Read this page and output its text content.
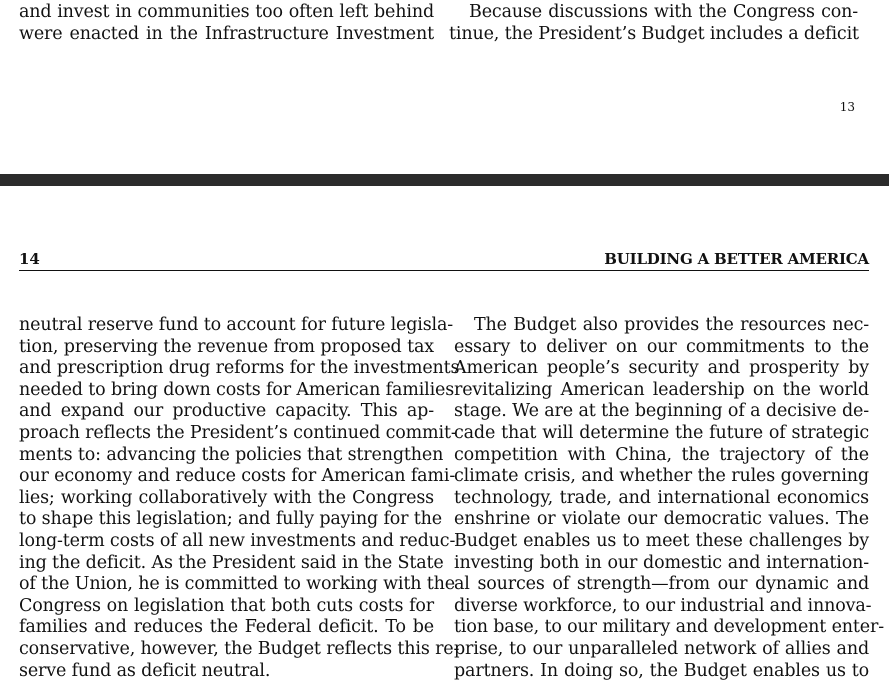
and invest in communities too often left behind
were enacted in the Infrastructure Investment
Because discussions with the Congress con-
tinue, the President’s Budget includes a deficit
13
14	BUILDING A BETTER AMERICA
neutral reserve fund to account for future legisla-
tion, preserving the revenue from proposed tax
and prescription drug reforms for the investments
needed to bring down costs for American families
and expand our productive capacity. This ap-
proach reflects the President’s continued commit-
ments to: advancing the policies that strengthen
our economy and reduce costs for American fami-
lies; working collaboratively with the Congress
to shape this legislation; and fully paying for the
long-term costs of all new investments and reduc-
ing the deficit. As the President said in the State
of the Union, he is committed to working with the
Congress on legislation that both cuts costs for
families and reduces the Federal deficit. To be
conservative, however, the Budget reflects this re-
serve fund as deficit neutral.
The Budget also provides the resources nec-
essary to deliver on our commitments to the
American people’s security and prosperity by
revitalizing American leadership on the world
stage. We are at the beginning of a decisive de-
cade that will determine the future of strategic
competition with China, the trajectory of the
climate crisis, and whether the rules governing
technology, trade, and international economics
enshrine or violate our democratic values. The
Budget enables us to meet these challenges by
investing both in our domestic and internation-
al sources of strength—from our dynamic and
diverse workforce, to our industrial and innova-
tion base, to our military and development enter-
prise, to our unparalleled network of allies and
partners. In doing so, the Budget enables us to
